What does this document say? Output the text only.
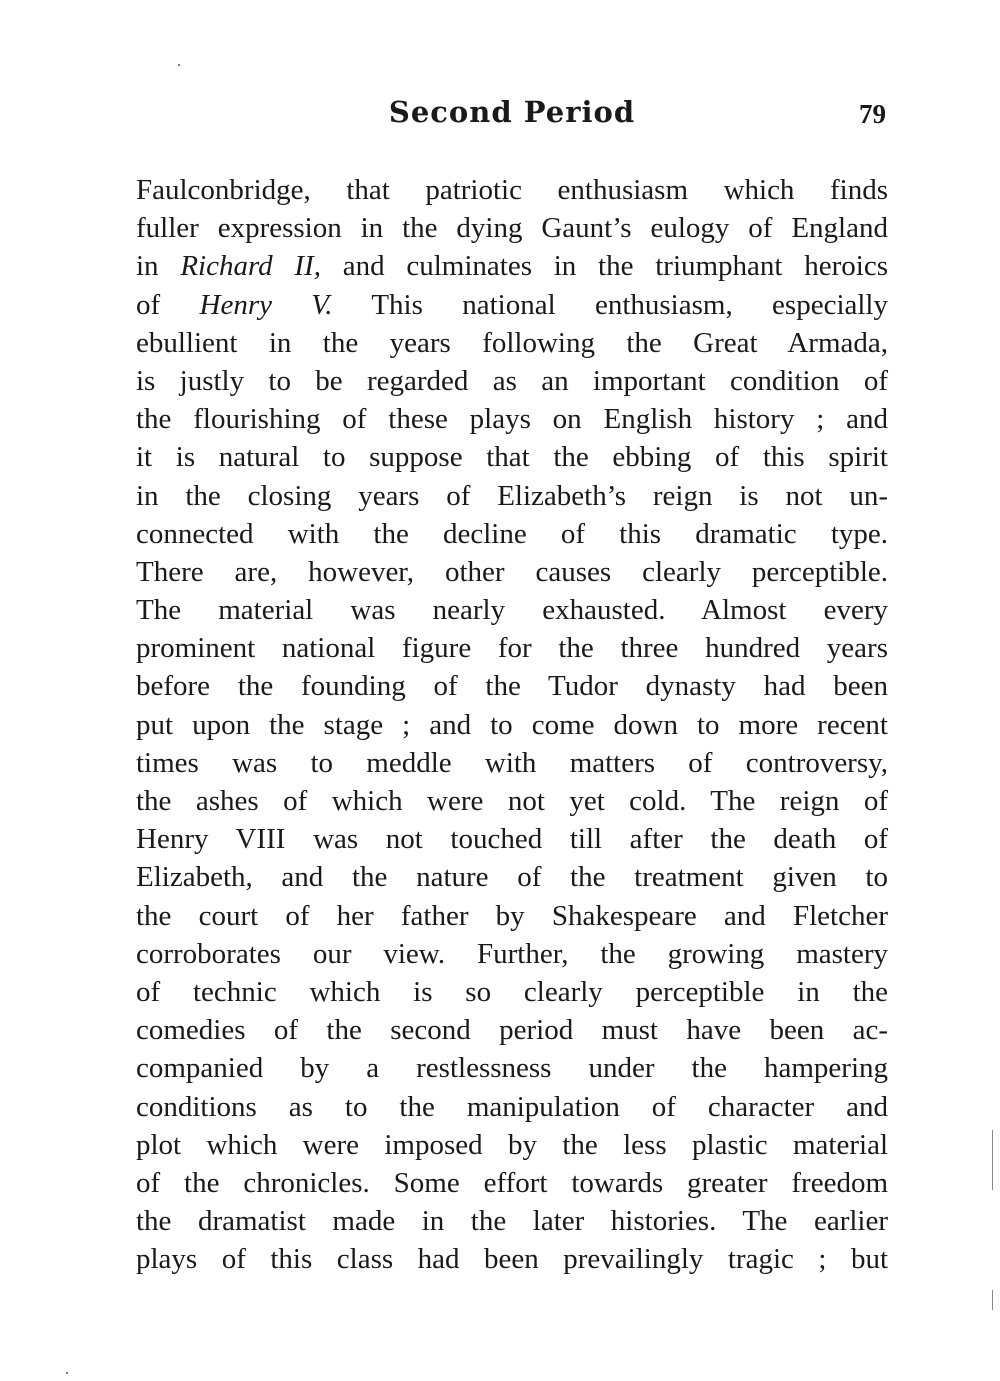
Second Period	79
Faulconbridge, that patriotic enthusiasm which finds
fuller expression in the dying Gaunt’s eulogy of England
in Richard II, and culminates in the triumphant heroics
of Henry V. This national enthusiasm, especially
ebullient in the years following the Great Armada,
is justly to be regarded as an important condition of
the flourishing of these plays on English history ; and
it is natural to suppose that the ebbing of this spirit
in the closing years of Elizabeth’s reign is not un-
connected with the decline of this dramatic type.
There are, however, other causes clearly perceptible.
The material was nearly exhausted. Almost every
prominent national figure for the three hundred years
before the founding of the Tudor dynasty had been
put upon the stage ; and to come down to more recent
times was to meddle with matters of controversy,
the ashes of which were not yet cold. The reign of
Henry VIII was not touched till after the death of
Elizabeth, and the nature of the treatment given to
the court of her father by Shakespeare and Fletcher
corroborates our view. Further, the growing mastery
of technic which is so clearly perceptible in the
comedies of the second period must have been ac-
companied by a restlessness under the hampering
conditions as to the manipulation of character and
plot which were imposed by the less plastic material
of the chronicles. Some effort towards greater freedom
the dramatist made in the later histories. The earlier
plays of this class had been prevailingly tragic ; but
